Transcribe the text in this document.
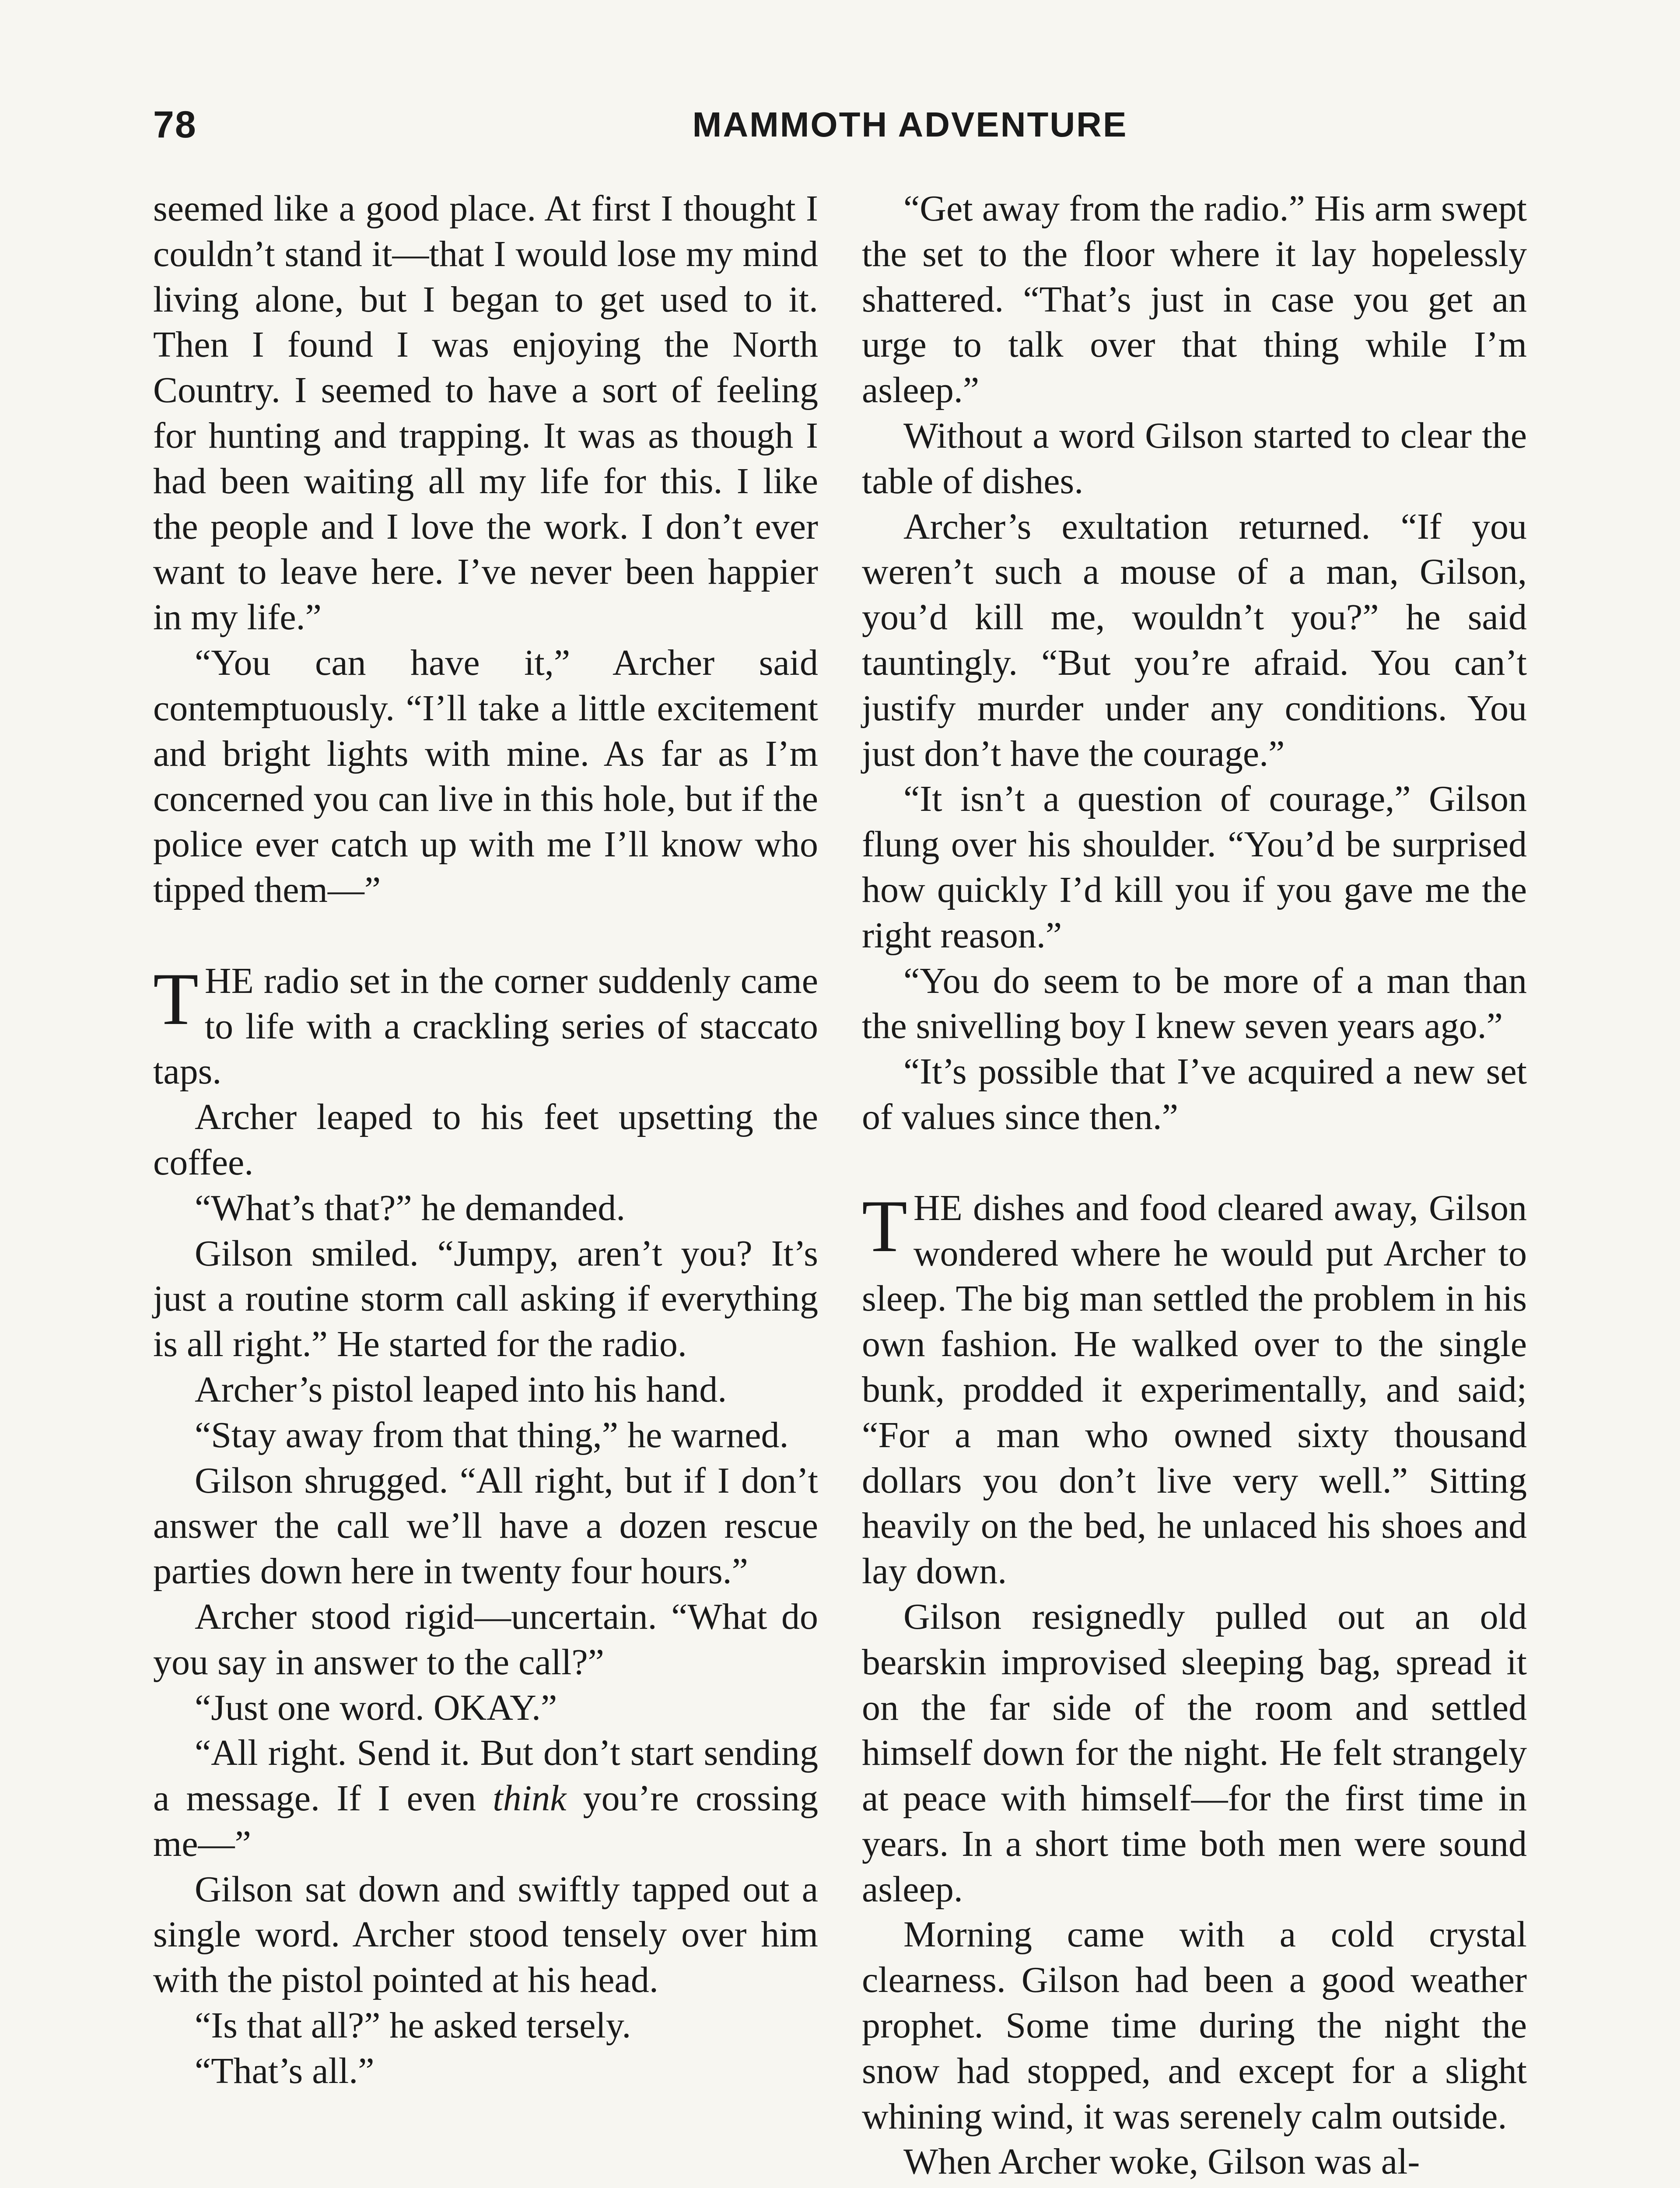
78	MAMMOTH ADVENTURE

seemed like a good place. At first I thought I couldn’t stand it—that I would lose my mind living alone, but I began to get used to it. Then I found I was enjoying the North Country. I seemed to have a sort of feeling for hunting and trapping. It was as though I had been waiting all my life for this. I like the people and I love the work. I don’t ever want to leave here. I’ve never been happier in my life.”

“You can have it,” Archer said contemptuously. “I’ll take a little excitement and bright lights with mine. As far as I’m concerned you can live in this hole, but if the police ever catch up with me I’ll know who tipped them—”

THE radio set in the corner suddenly came to life with a crackling series of staccato taps.

Archer leaped to his feet upsetting the coffee.

“What’s that?” he demanded.

Gilson smiled. “Jumpy, aren’t you? It’s just a routine storm call asking if everything is all right.” He started for the radio.

Archer’s pistol leaped into his hand.

“Stay away from that thing,” he warned.

Gilson shrugged. “All right, but if I don’t answer the call we’ll have a dozen rescue parties down here in twenty four hours.”

Archer stood rigid—uncertain. “What do you say in answer to the call?”

“Just one word. OKAY.”

“All right. Send it. But don’t start sending a message. If I even think you’re crossing me—”

Gilson sat down and swiftly tapped out a single word. Archer stood tensely over him with the pistol pointed at his head.

“Is that all?” he asked tersely.

“That’s all.”

“Get away from the radio.” His arm swept the set to the floor where it lay hopelessly shattered. “That’s just in case you get an urge to talk over that thing while I’m asleep.”

Without a word Gilson started to clear the table of dishes.

Archer’s exultation returned. “If you weren’t such a mouse of a man, Gilson, you’d kill me, wouldn’t you?” he said tauntingly. “But you’re afraid. You can’t justify murder under any conditions. You just don’t have the courage.”

“It isn’t a question of courage,” Gilson flung over his shoulder. “You’d be surprised how quickly I’d kill you if you gave me the right reason.”

“You do seem to be more of a man than the snivelling boy I knew seven years ago.”

“It’s possible that I’ve acquired a new set of values since then.”

THE dishes and food cleared away, Gilson wondered where he would put Archer to sleep. The big man settled the problem in his own fashion. He walked over to the single bunk, prodded it experimentally, and said; “For a man who owned sixty thousand dollars you don’t live very well.” Sitting heavily on the bed, he unlaced his shoes and lay down.

Gilson resignedly pulled out an old bearskin improvised sleeping bag, spread it on the far side of the room and settled himself down for the night. He felt strangely at peace with himself—for the first time in years. In a short time both men were sound asleep.

Morning came with a cold crystal clearness. Gilson had been a good weather prophet. Some time during the night the snow had stopped, and except for a slight whining wind, it was serenely calm outside.

When Archer woke, Gilson was al-
